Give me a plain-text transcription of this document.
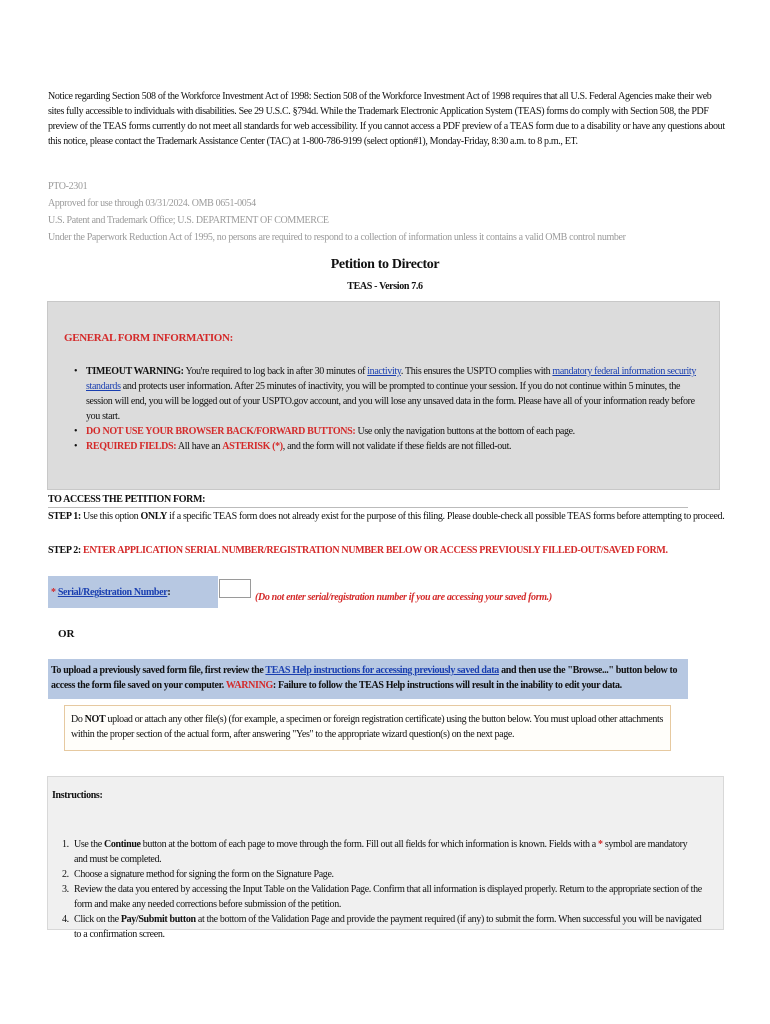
Notice regarding Section 508 of the Workforce Investment Act of 1998: Section 508 of the Workforce Investment Act of 1998 requires that all U.S. Federal Agencies make their web sites fully accessible to individuals with disabilities. See 29 U.S.C. §794d. While the Trademark Electronic Application System (TEAS) forms do comply with Section 508, the PDF preview of the TEAS forms currently do not meet all standards for web accessibility. If you cannot access a PDF preview of a TEAS form due to a disability or have any questions about this notice, please contact the Trademark Assistance Center (TAC) at 1-800-786-9199 (select option#1), Monday-Friday, 8:30 a.m. to 8 p.m., ET.
PTO-2301
Approved for use through 03/31/2024. OMB 0651-0054
U.S. Patent and Trademark Office; U.S. DEPARTMENT OF COMMERCE
Under the Paperwork Reduction Act of 1995, no persons are required to respond to a collection of information unless it contains a valid OMB control number
Petition to Director
TEAS - Version 7.6
GENERAL FORM INFORMATION:
• TIMEOUT WARNING: You're required to log back in after 30 minutes of inactivity. This ensures the USPTO complies with mandatory federal information security standards and protects user information. After 25 minutes of inactivity, you will be prompted to continue your session. If you do not continue within 5 minutes, the session will end, you will be logged out of your USPTO.gov account, and you will lose any unsaved data in the form. Please have all of your information ready before you start.
• DO NOT USE YOUR BROWSER BACK/FORWARD BUTTONS: Use only the navigation buttons at the bottom of each page.
• REQUIRED FIELDS: All have an ASTERISK (*), and the form will not validate if these fields are not filled-out.
TO ACCESS THE PETITION FORM:
STEP 1: Use this option ONLY if a specific TEAS form does not already exist for the purpose of this filing. Please double-check all possible TEAS forms before attempting to proceed.
STEP 2: ENTER APPLICATION SERIAL NUMBER/REGISTRATION NUMBER BELOW OR ACCESS PREVIOUSLY FILLED-OUT/SAVED FORM.
* Serial/Registration Number:	(Do not enter serial/registration number if you are accessing your saved form.)
OR
To upload a previously saved form file, first review the TEAS Help instructions for accessing previously saved data and then use the "Browse..." button below to access the form file saved on your computer. WARNING: Failure to follow the TEAS Help instructions will result in the inability to edit your data.
Do NOT upload or attach any other file(s) (for example, a specimen or foreign registration certificate) using the button below. You must upload other attachments within the proper section of the actual form, after answering "Yes" to the appropriate wizard question(s) on the next page.
Instructions:
1. Use the Continue button at the bottom of each page to move through the form. Fill out all fields for which information is known. Fields with a * symbol are mandatory and must be completed.
2. Choose a signature method for signing the form on the Signature Page.
3. Review the data you entered by accessing the Input Table on the Validation Page. Confirm that all information is displayed properly. Return to the appropriate section of the form and make any needed corrections before submission of the petition.
4. Click on the Pay/Submit button at the bottom of the Validation Page and provide the payment required (if any) to submit the form. When successful you will be navigated to a confirmation screen.
